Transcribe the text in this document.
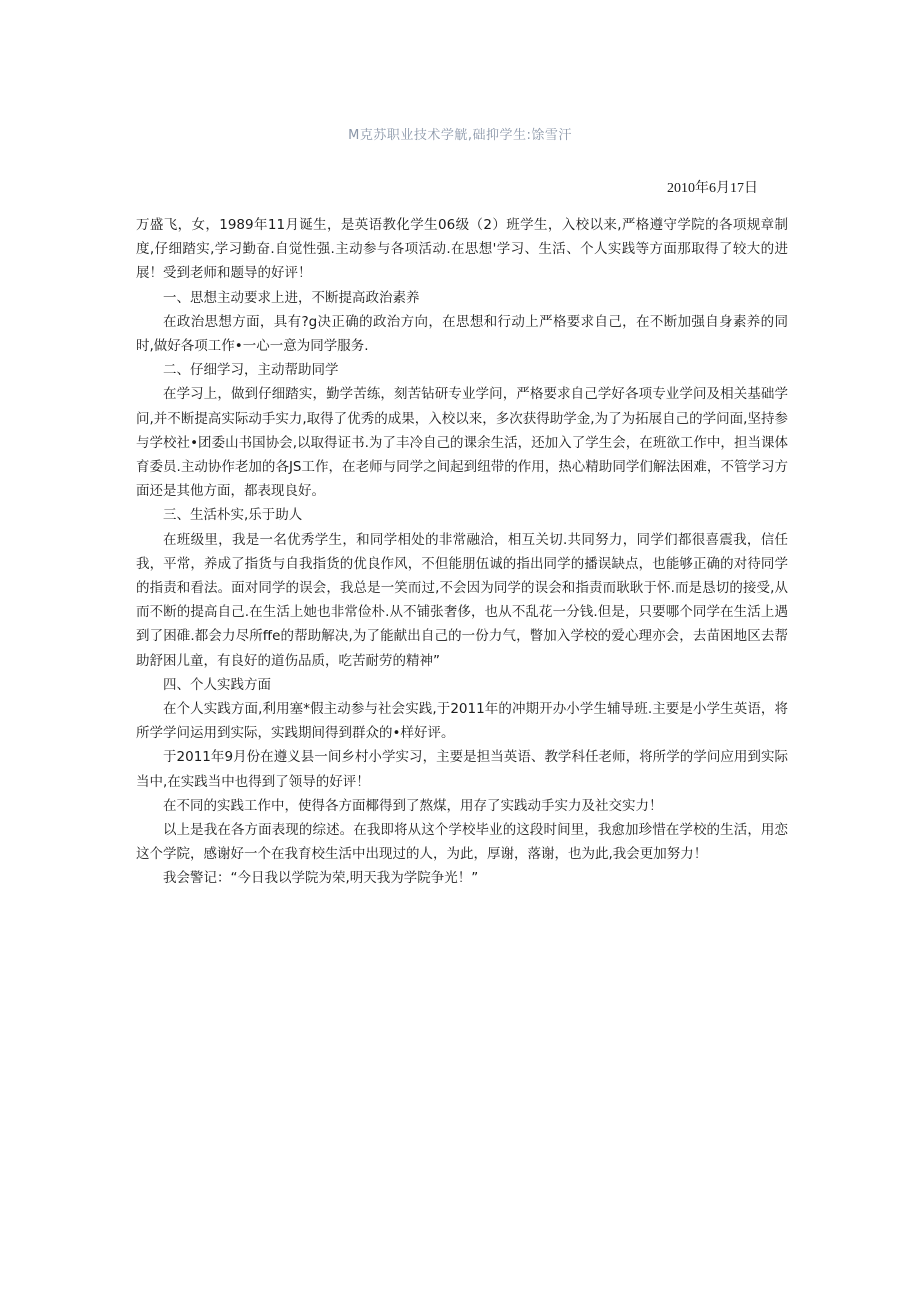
M克苏职业技术学觥,础抑学生:馀雪汗
2010年6月17日

万盛飞，女，1989年11月诞生，是英语教化学生06级（2）班学生，入校以来,严格遵守学院的各项规章制度,仔细踏实,学习勤奋.自觉性强.主动参与各项活动.在思想'学习、生活、个人实践等方面那取得了较大的进展！受到老师和题导的好评！

一、思想主动要求上进，不断提高政治素养

在政治思想方面，具有?g决正确的政治方向，在思想和行动上严格要求自己，在不断加强自身素养的同时,做好各项工作•一心一意为同学服务.

二、仔细学习，主动帮助同学

在学习上，做到仔细踏实，勤学苦练，刻苦钻研专业学问，严格要求自己学好各项专业学问及相关基础学问,并不断提高实际动手实力,取得了优秀的成果，入校以来，多次获得助学金,为了为拓展自己的学问面,坚持参与学校社•团委山书国协会,以取得证书.为了丰冷自己的课余生活，还加入了学生会，在班欲工作中，担当课体育委员.主动协作老加的各JS工作，在老师与同学之间起到纽带的作用，热心精助同学们解法困难，不管学习方面还是其他方面，都表现良好。

三、生活朴实,乐于助人

在班级里，我是一名优秀学生，和同学相处的非常融洽，相互关切.共同努力，同学们都很喜震我，信任我，平常，养成了指货与自我指货的优良作风，不但能朋伍诚的指出同学的播误缺点，也能够正确的对待同学的指责和看法。面对同学的误会，我总是一笑而过,不会因为同学的误会和指责而耿耿于怀.而是恳切的接受,从而不断的提高自己.在生活上她也非常俭朴.从不铺张奢侈，也从不乱花一分钱.但是，只要哪个同学在生活上遇到了困碓.都会力尽所ffe的帮助解决,为了能献出自己的一份力气，瞥加入学校的爱心理亦会，去苗困地区去帮助舒困儿童，有良好的道伤品质，吃苦耐劳的精神”

四、个人实践方面

在个人实践方面,利用塞*假主动参与社会实践,于2011年的冲期开办小学生辅导班.主要是小学生英语，将所学学问运用到实际，实践期间得到群众的•样好评。

于2011年9月份在遵义县一间乡村小学实习，主要是担当英语、教学科任老师，将所学的学问应用到实际当中,在实践当中也得到了领导的好评！

在不同的实践工作中，使得各方面椰得到了熬煤，用存了实践动手实力及社交实力！

以上是我在各方面表现的综述。在我即将从这个学校毕业的这段时间里，我愈加珍惜在学校的生活，用恋这个学院，感谢好一个在我育校生活中出现过的人，为此，厚谢，落谢，也为此,我会更加努力！

我会警记：“今日我以学院为荣,明天我为学院争光！”
